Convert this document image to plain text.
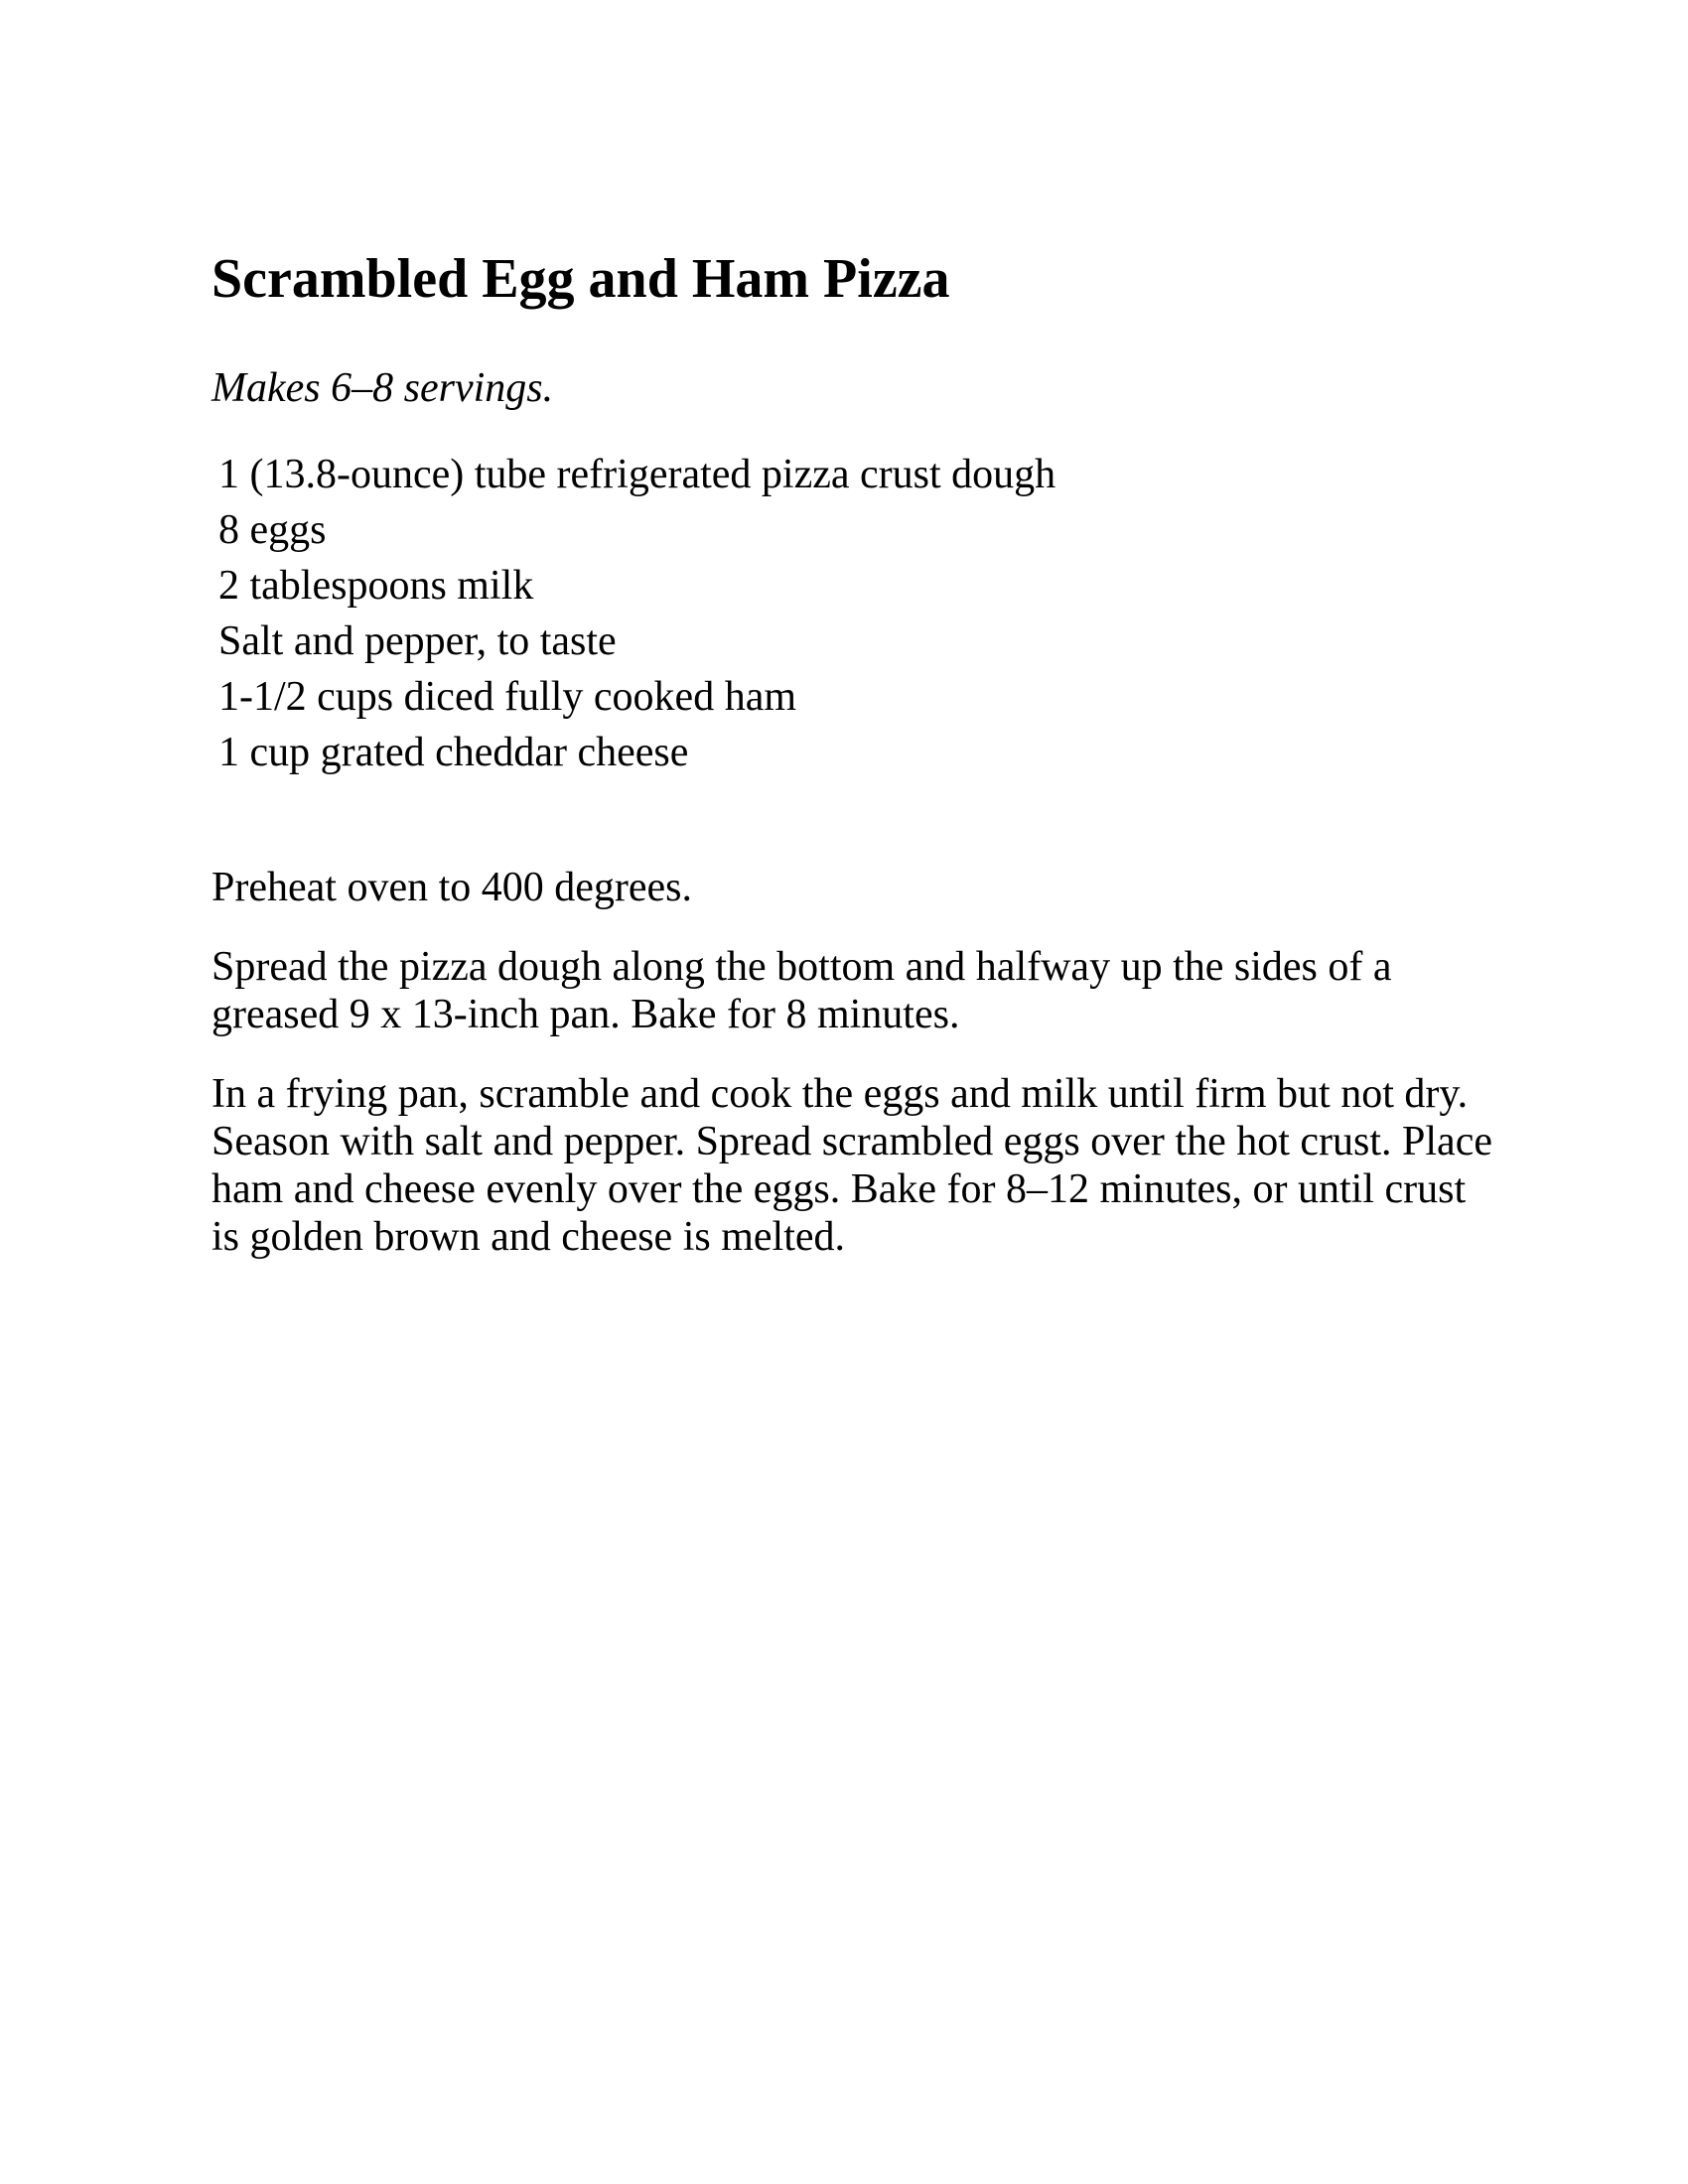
Scrambled Egg and Ham Pizza

Makes 6–8 servings.

1 (13.8-ounce) tube refrigerated pizza crust dough
8 eggs
2 tablespoons milk
Salt and pepper, to taste
1-1/2 cups diced fully cooked ham
1 cup grated cheddar cheese

Preheat oven to 400 degrees.

Spread the pizza dough along the bottom and halfway up the sides of a greased 9 x 13-inch pan. Bake for 8 minutes.

In a frying pan, scramble and cook the eggs and milk until firm but not dry. Season with salt and pepper. Spread scrambled eggs over the hot crust. Place ham and cheese evenly over the eggs. Bake for 8–12 minutes, or until crust is golden brown and cheese is melted.
